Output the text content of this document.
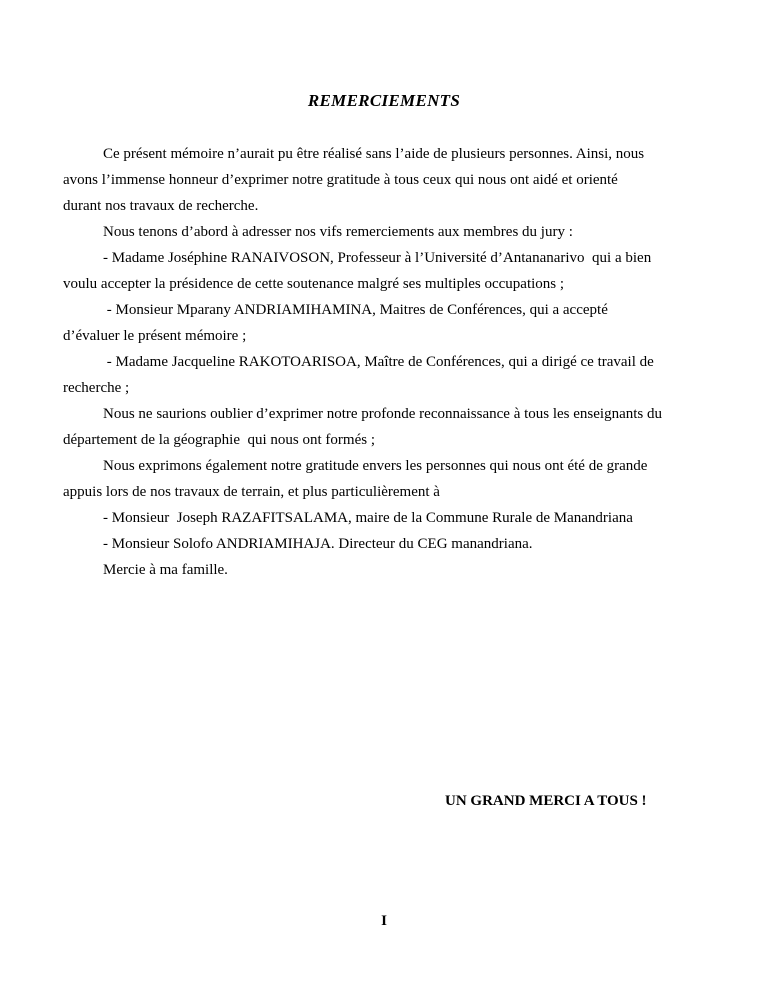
REMERCIEMENTS

Ce présent mémoire n’aurait pu être réalisé sans l’aide de plusieurs personnes. Ainsi, nous
avons l’immense honneur d’exprimer notre gratitude à tous ceux qui nous ont aidé et orienté
durant nos travaux de recherche.

Nous tenons d’abord à adresser nos vifs remerciements aux membres du jury :

- Madame Joséphine RANAIVOSON, Professeur à l’Université d’Antananarivo  qui a bien
voulu accepter la présidence de cette soutenance malgré ses multiples occupations ;

- Monsieur Mparany ANDRIAMIHAMINA, Maitres de Conférences, qui a accepté
d’évaluer le présent mémoire ;

- Madame Jacqueline RAKOTOARISOA, Maître de Conférences, qui a dirigé ce travail de
recherche ;

Nous ne saurions oublier d’exprimer notre profonde reconnaissance à tous les enseignants du
département de la géographie  qui nous ont formés ;

Nous exprimons également notre gratitude envers les personnes qui nous ont été de grande
appuis lors de nos travaux de terrain, et plus particulièrement à

- Monsieur  Joseph RAZAFITSALAMA, maire de la Commune Rurale de Manandriana

- Monsieur Solofo ANDRIAMIHAJA. Directeur du CEG manandriana.

Mercie à ma famille.

UN GRAND MERCI A TOUS !
I
